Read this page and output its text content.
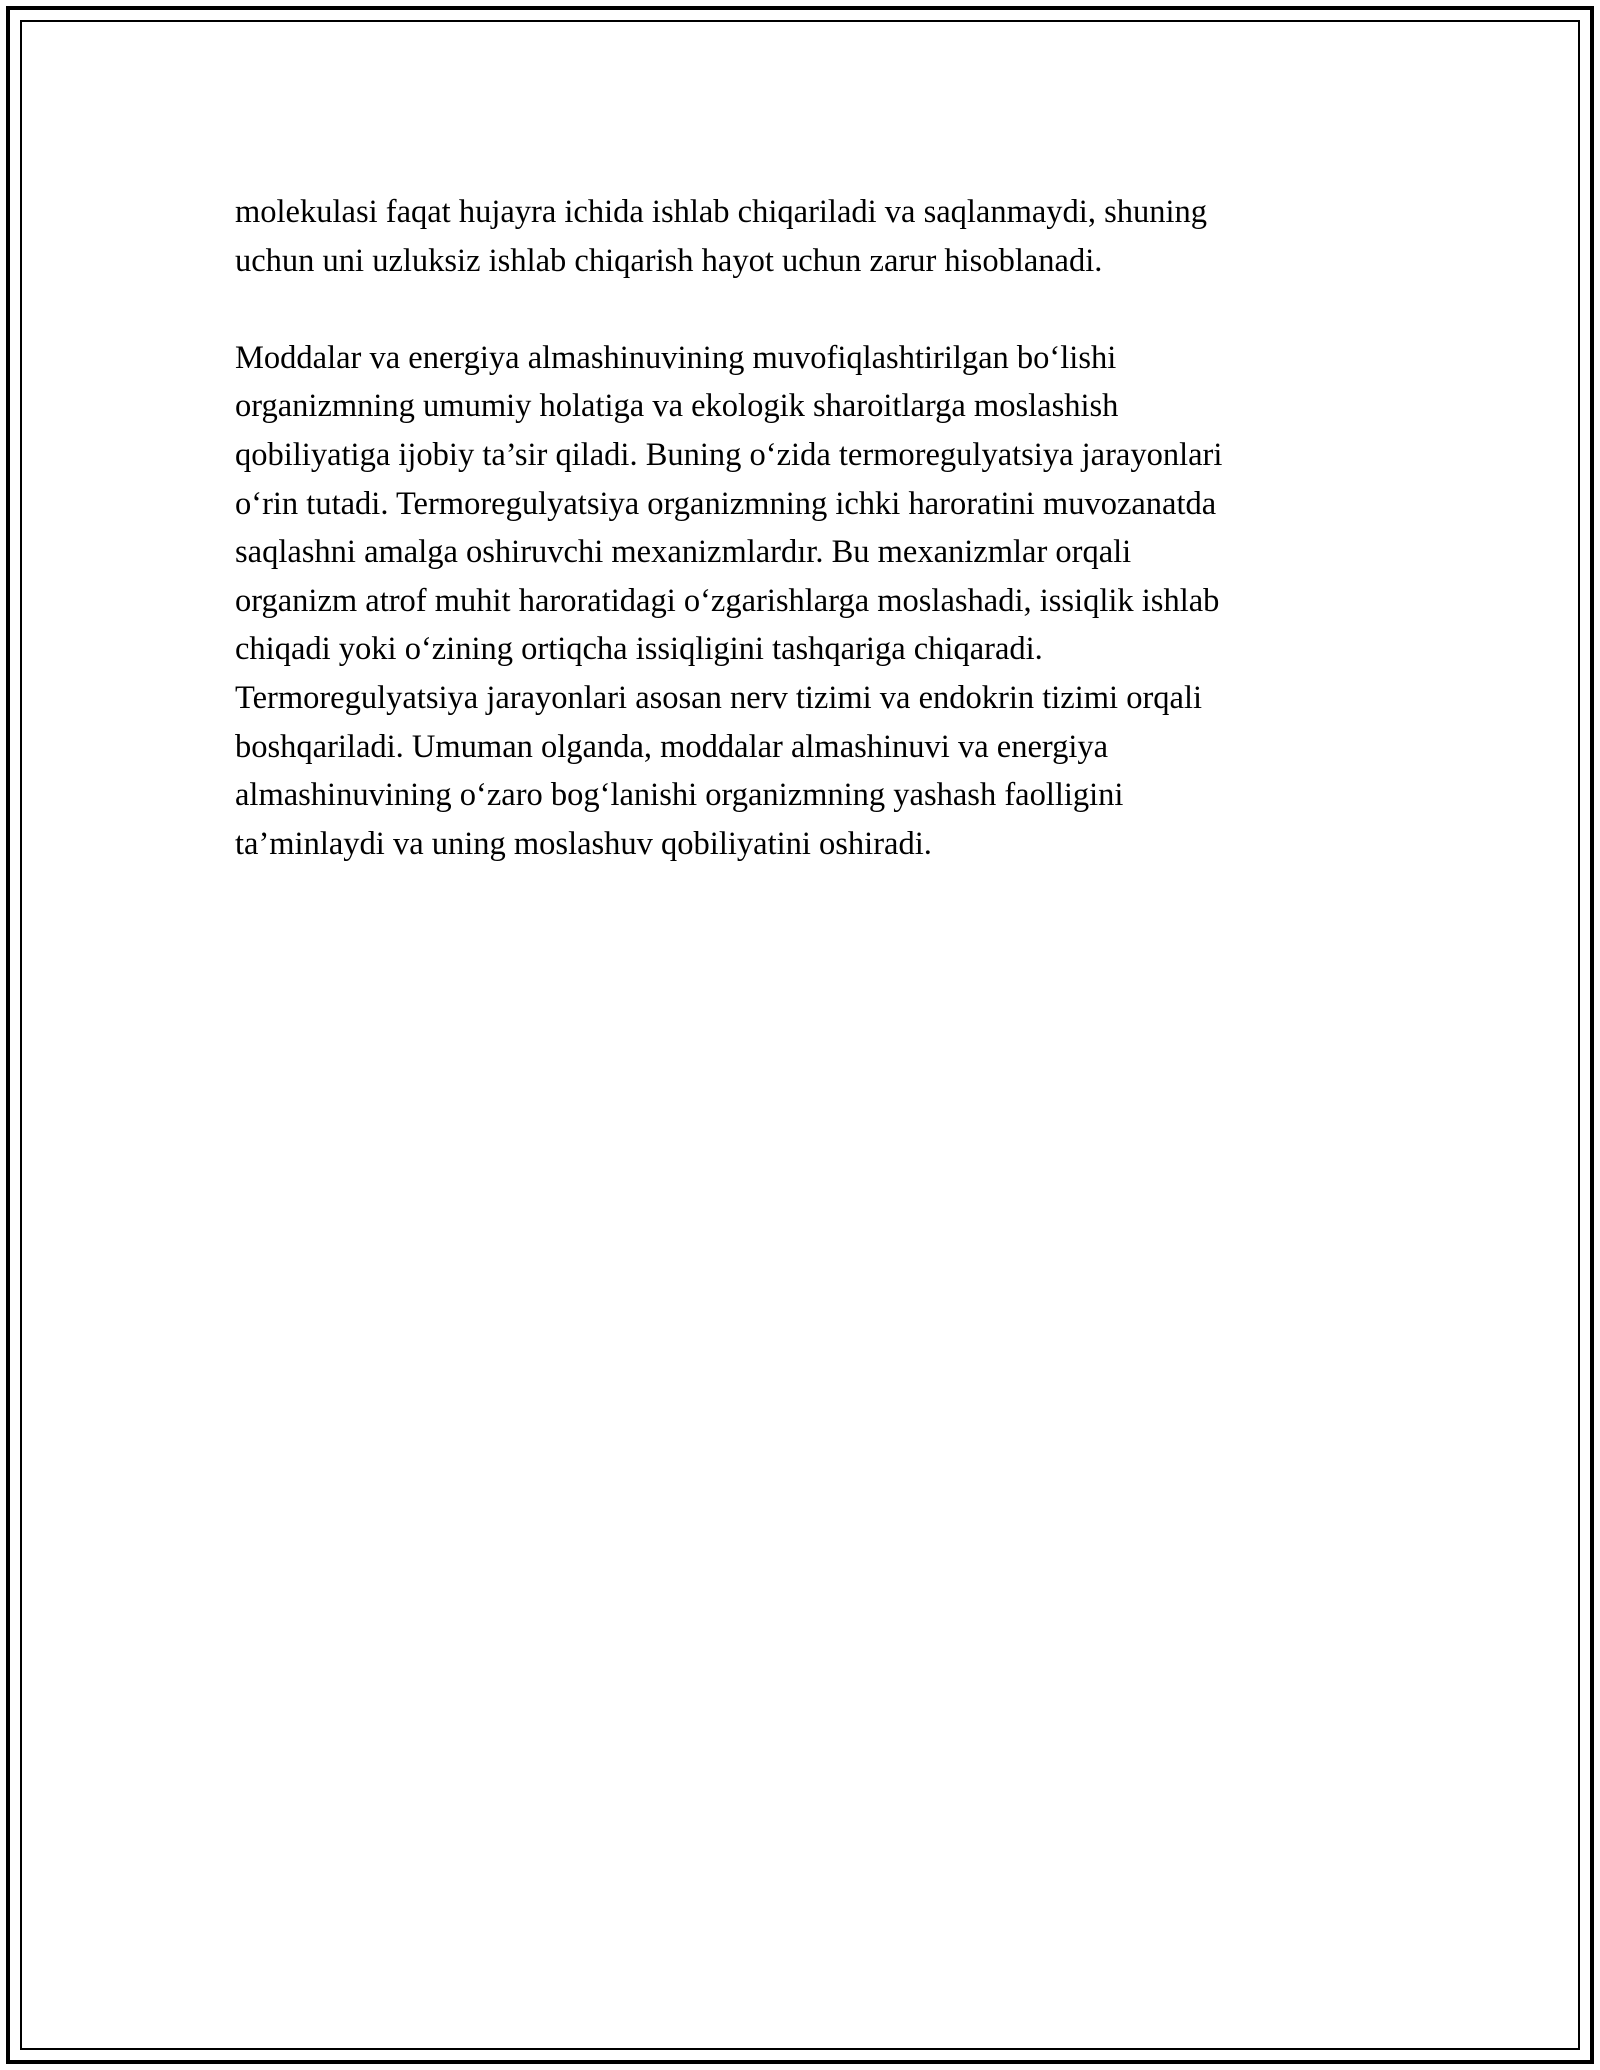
molekulasi faqat hujayra ichida ishlab chiqariladi va saqlanmaydi, shuning
uchun uni uzluksiz ishlab chiqarish hayot uchun zarur hisoblanadi.

Moddalar va energiya almashinuvining muvofiqlashtirilgan bo‘lishi
organizmning umumiy holatiga va ekologik sharoitlarga moslashish
qobiliyatiga ijobiy ta’sir qiladi. Buning o‘zida termoregulyatsiya jarayonlari
o‘rin tutadi. Termoregulyatsiya organizmning ichki haroratini muvozanatda
saqlashni amalga oshiruvchi mexanizmlardır. Bu mexanizmlar orqali
organizm atrof muhit haroratidagi o‘zgarishlarga moslashadi, issiqlik ishlab
chiqadi yoki o‘zining ortiqcha issiqligini tashqariga chiqaradi.
Termoregulyatsiya jarayonlari asosan nerv tizimi va endokrin tizimi orqali
boshqariladi. Umuman olganda, moddalar almashinuvi va energiya
almashinuvining o‘zaro bog‘lanishi organizmning yashash faolligini
ta’minlaydi va uning moslashuv qobiliyatini oshiradi.
